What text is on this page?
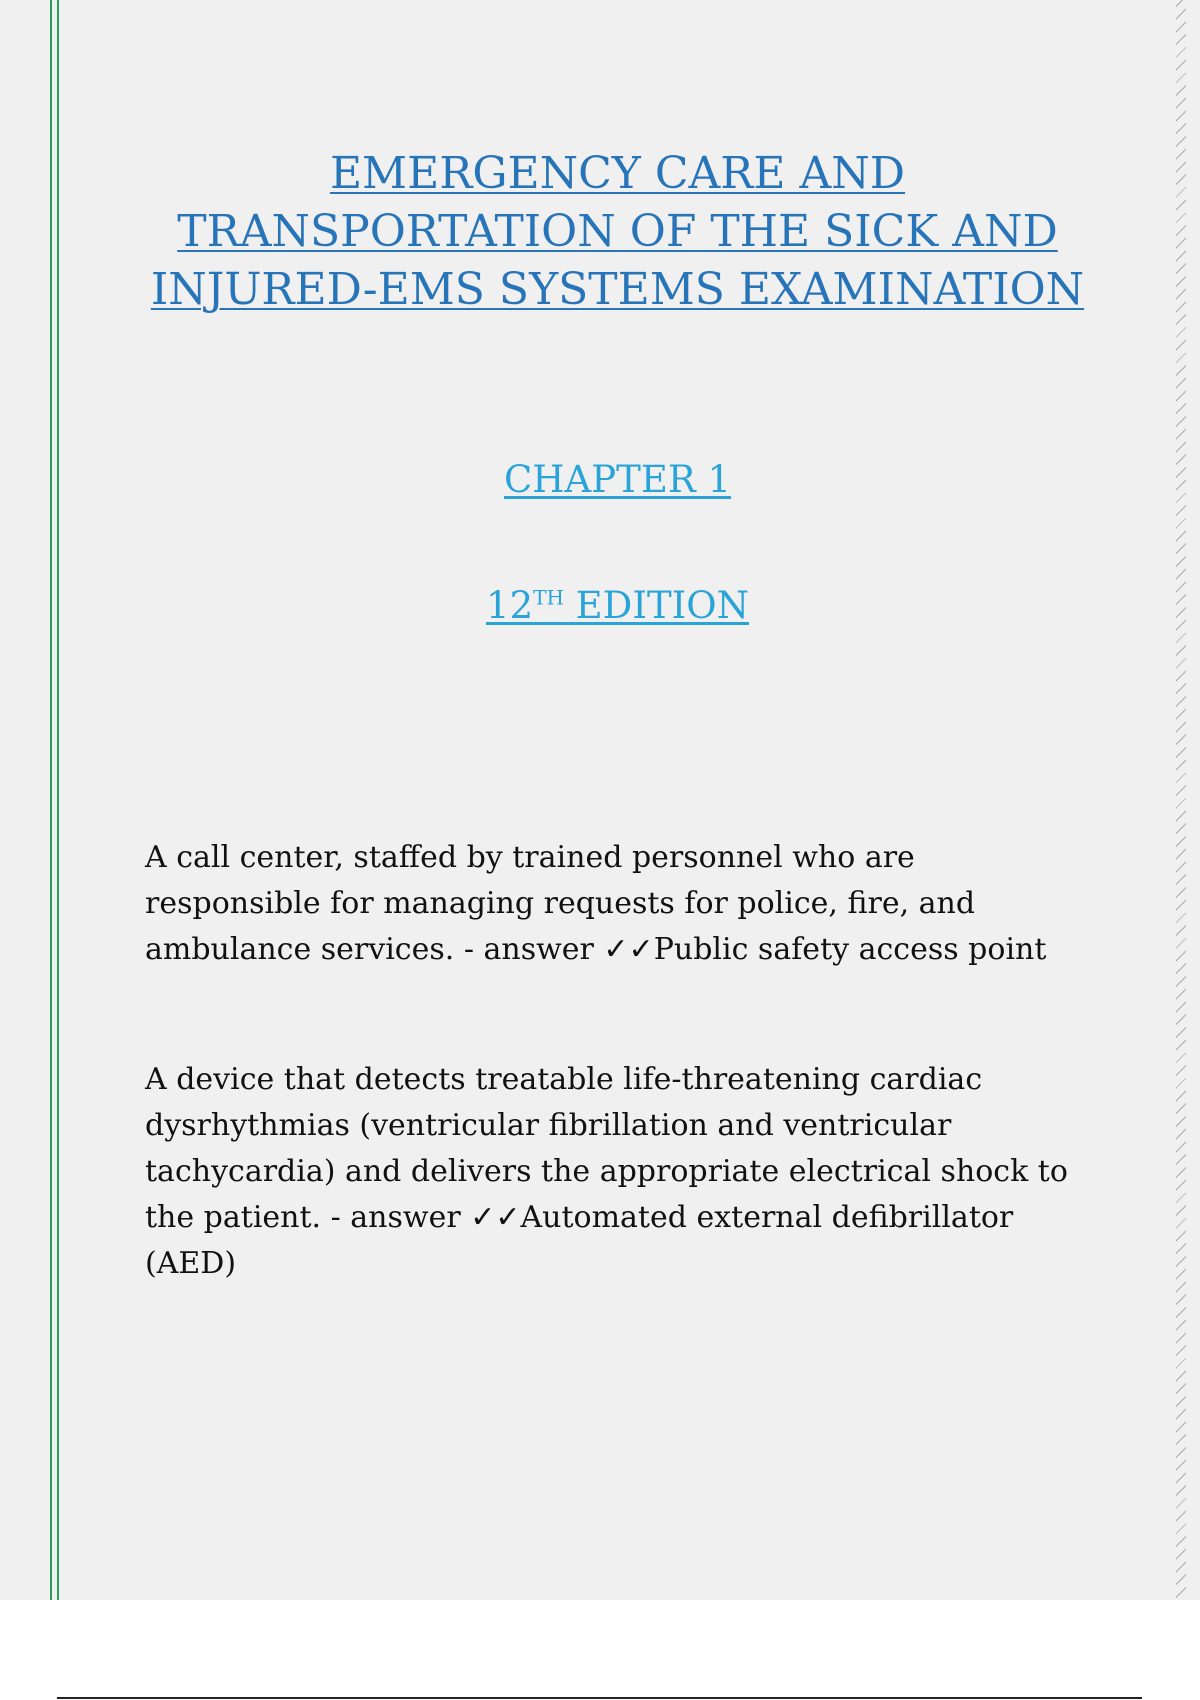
EMERGENCY CARE AND TRANSPORTATION OF THE SICK AND INJURED-EMS SYSTEMS EXAMINATION
CHAPTER 1
12TH EDITION

A call center, staffed by trained personnel who are responsible for managing requests for police, fire, and ambulance services. - answer ✓✓Public safety access point

A device that detects treatable life-threatening cardiac dysrhythmias (ventricular fibrillation and ventricular tachycardia) and delivers the appropriate electrical shock to the patient. - answer ✓✓Automated external defibrillator (AED)
